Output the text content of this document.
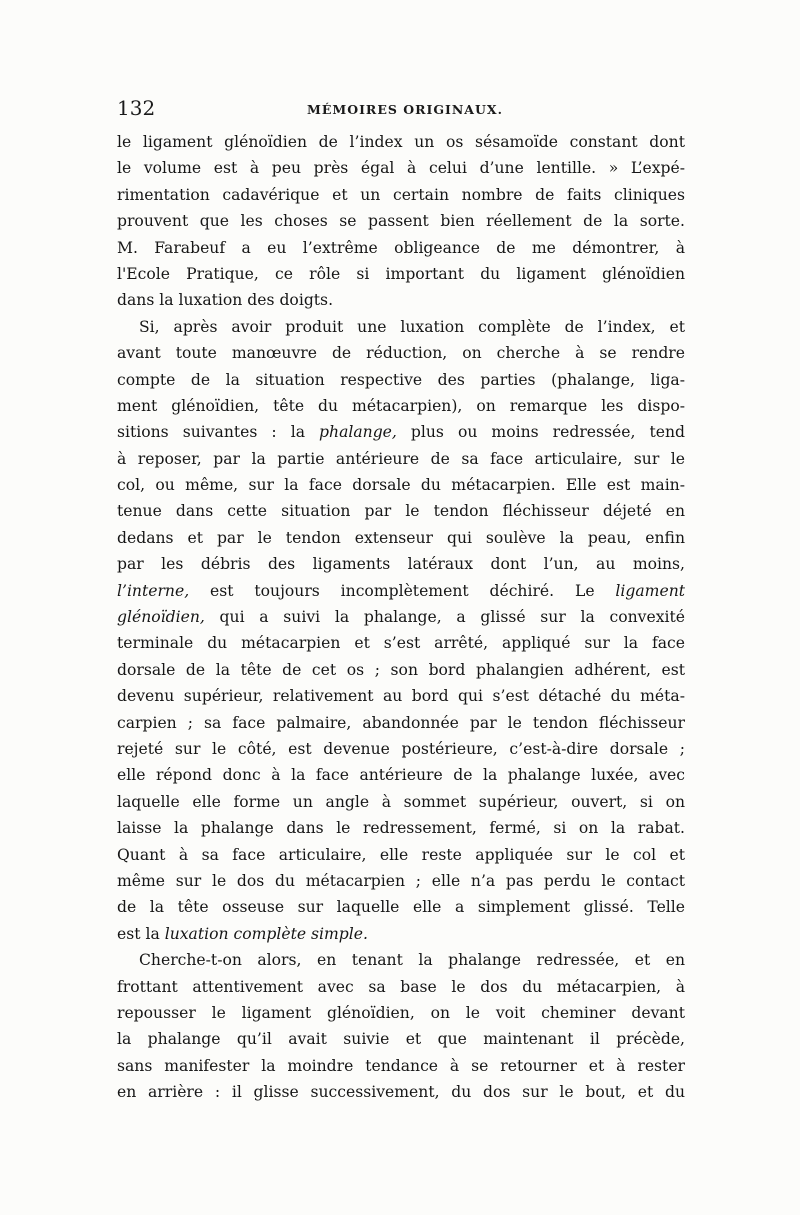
132	MÉMOIRES ORIGINAUX.
le ligament glénoïdien de l’index un os sésamoïde constant dont
le volume est à peu près égal à celui d’une lentille. » L’expé-
rimentation cadavérique et un certain nombre de faits cliniques
prouvent que les choses se passent bien réellement de la sorte.
M. Farabeuf a eu l’extrême obligeance de me démontrer, à
l'Ecole Pratique, ce rôle si important du ligament glénoïdien
dans la luxation des doigts.
Si, après avoir produit une luxation complète de l’index, et
avant toute manœuvre de réduction, on cherche à se rendre
compte de la situation respective des parties (phalange, liga-
ment glénoïdien, tête du métacarpien), on remarque les dispo-
sitions suivantes : la phalange, plus ou moins redressée, tend
à reposer, par la partie antérieure de sa face articulaire, sur le
col, ou même, sur la face dorsale du métacarpien. Elle est main-
tenue dans cette situation par le tendon fléchisseur déjeté en
dedans et par le tendon extenseur qui soulève la peau, enfin
par les débris des ligaments latéraux dont l’un, au moins,
l’interne, est toujours incomplètement déchiré. Le ligament
glénoïdien, qui a suivi la phalange, a glissé sur la convexité
terminale du métacarpien et s’est arrêté, appliqué sur la face
dorsale de la tête de cet os ; son bord phalangien adhérent, est
devenu supérieur, relativement au bord qui s’est détaché du méta-
carpien ; sa face palmaire, abandonnée par le tendon fléchisseur
rejeté sur le côté, est devenue postérieure, c’est-à-dire dorsale ;
elle répond donc à la face antérieure de la phalange luxée, avec
laquelle elle forme un angle à sommet supérieur, ouvert, si on
laisse la phalange dans le redressement, fermé, si on la rabat.
Quant à sa face articulaire, elle reste appliquée sur le col et
même sur le dos du métacarpien ; elle n’a pas perdu le contact
de la tête osseuse sur laquelle elle a simplement glissé. Telle
est la luxation complète simple.
Cherche-t-on alors, en tenant la phalange redressée, et en
frottant attentivement avec sa base le dos du métacarpien, à
repousser le ligament glénoïdien, on le voit cheminer devant
la phalange qu’il avait suivie et que maintenant il précède,
sans manifester la moindre tendance à se retourner et à rester
en arrière : il glisse successivement, du dos sur le bout, et du
